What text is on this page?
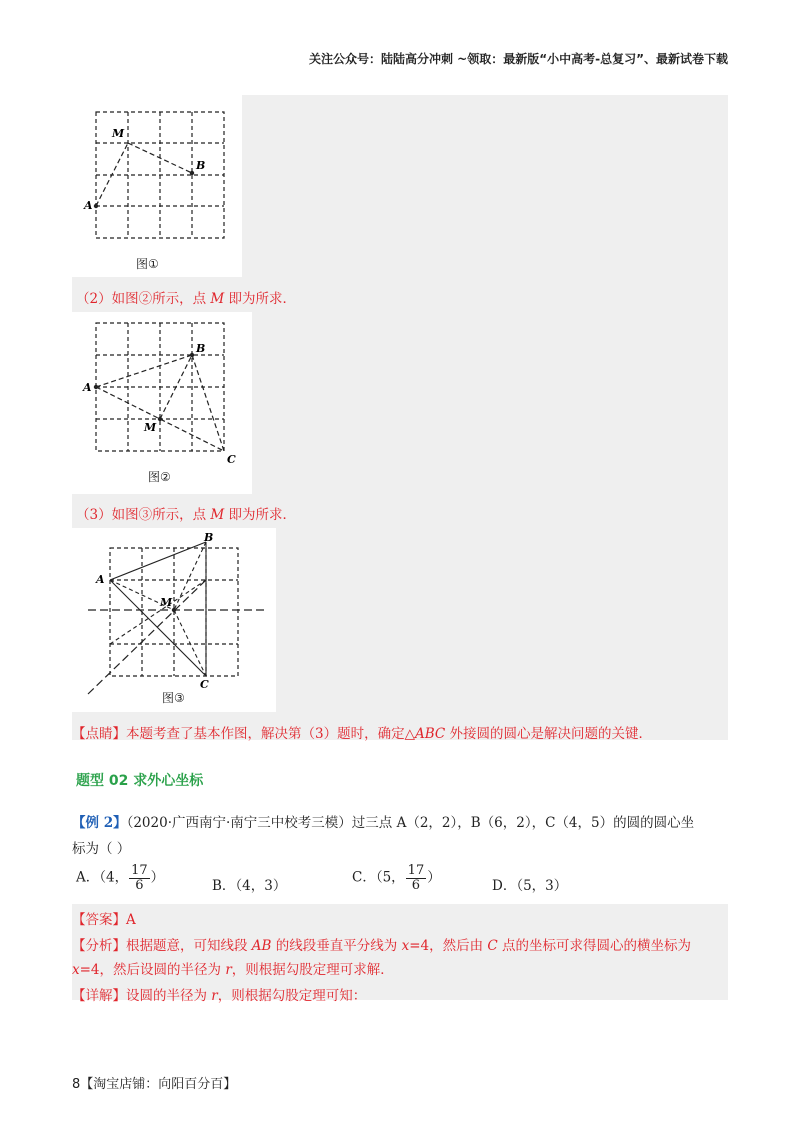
关注公众号：陆陆高分冲刺 ~领取：最新版“小中高考-总复习”、最新试卷下载
M
B
A
图①
（2）如图②所示，点 M 即为所求．
A
B
M
C
图②
（3）如图③所示，点 M 即为所求．
A
B
M
C
图③
【点睛】本题考查了基本作图，解决第（3）题时，确定△ABC 外接圆的圆心是解决问题的关键．
题型 02 求外心坐标
【例 2】（2020·广西南宁·南宁三中校考三模）过三点 A（2，2），B（6，2），C（4，5）的圆的圆心坐
标为（ ）
A．（4， $\frac{17}{6}$ ）
B．（4，3）
C．（5， $\frac{17}{6}$ ）
D．（5，3）
【答案】A
【分析】根据题意，可知线段 AB 的线段垂直平分线为 x=4，然后由 C 点的坐标可求得圆心的横坐标为x=4，然后设圆的半径为 r，则根据勾股定理可求解．
【详解】设圆的半径为 r，则根据勾股定理可知：
8【淘宝店铺：向阳百分百】
